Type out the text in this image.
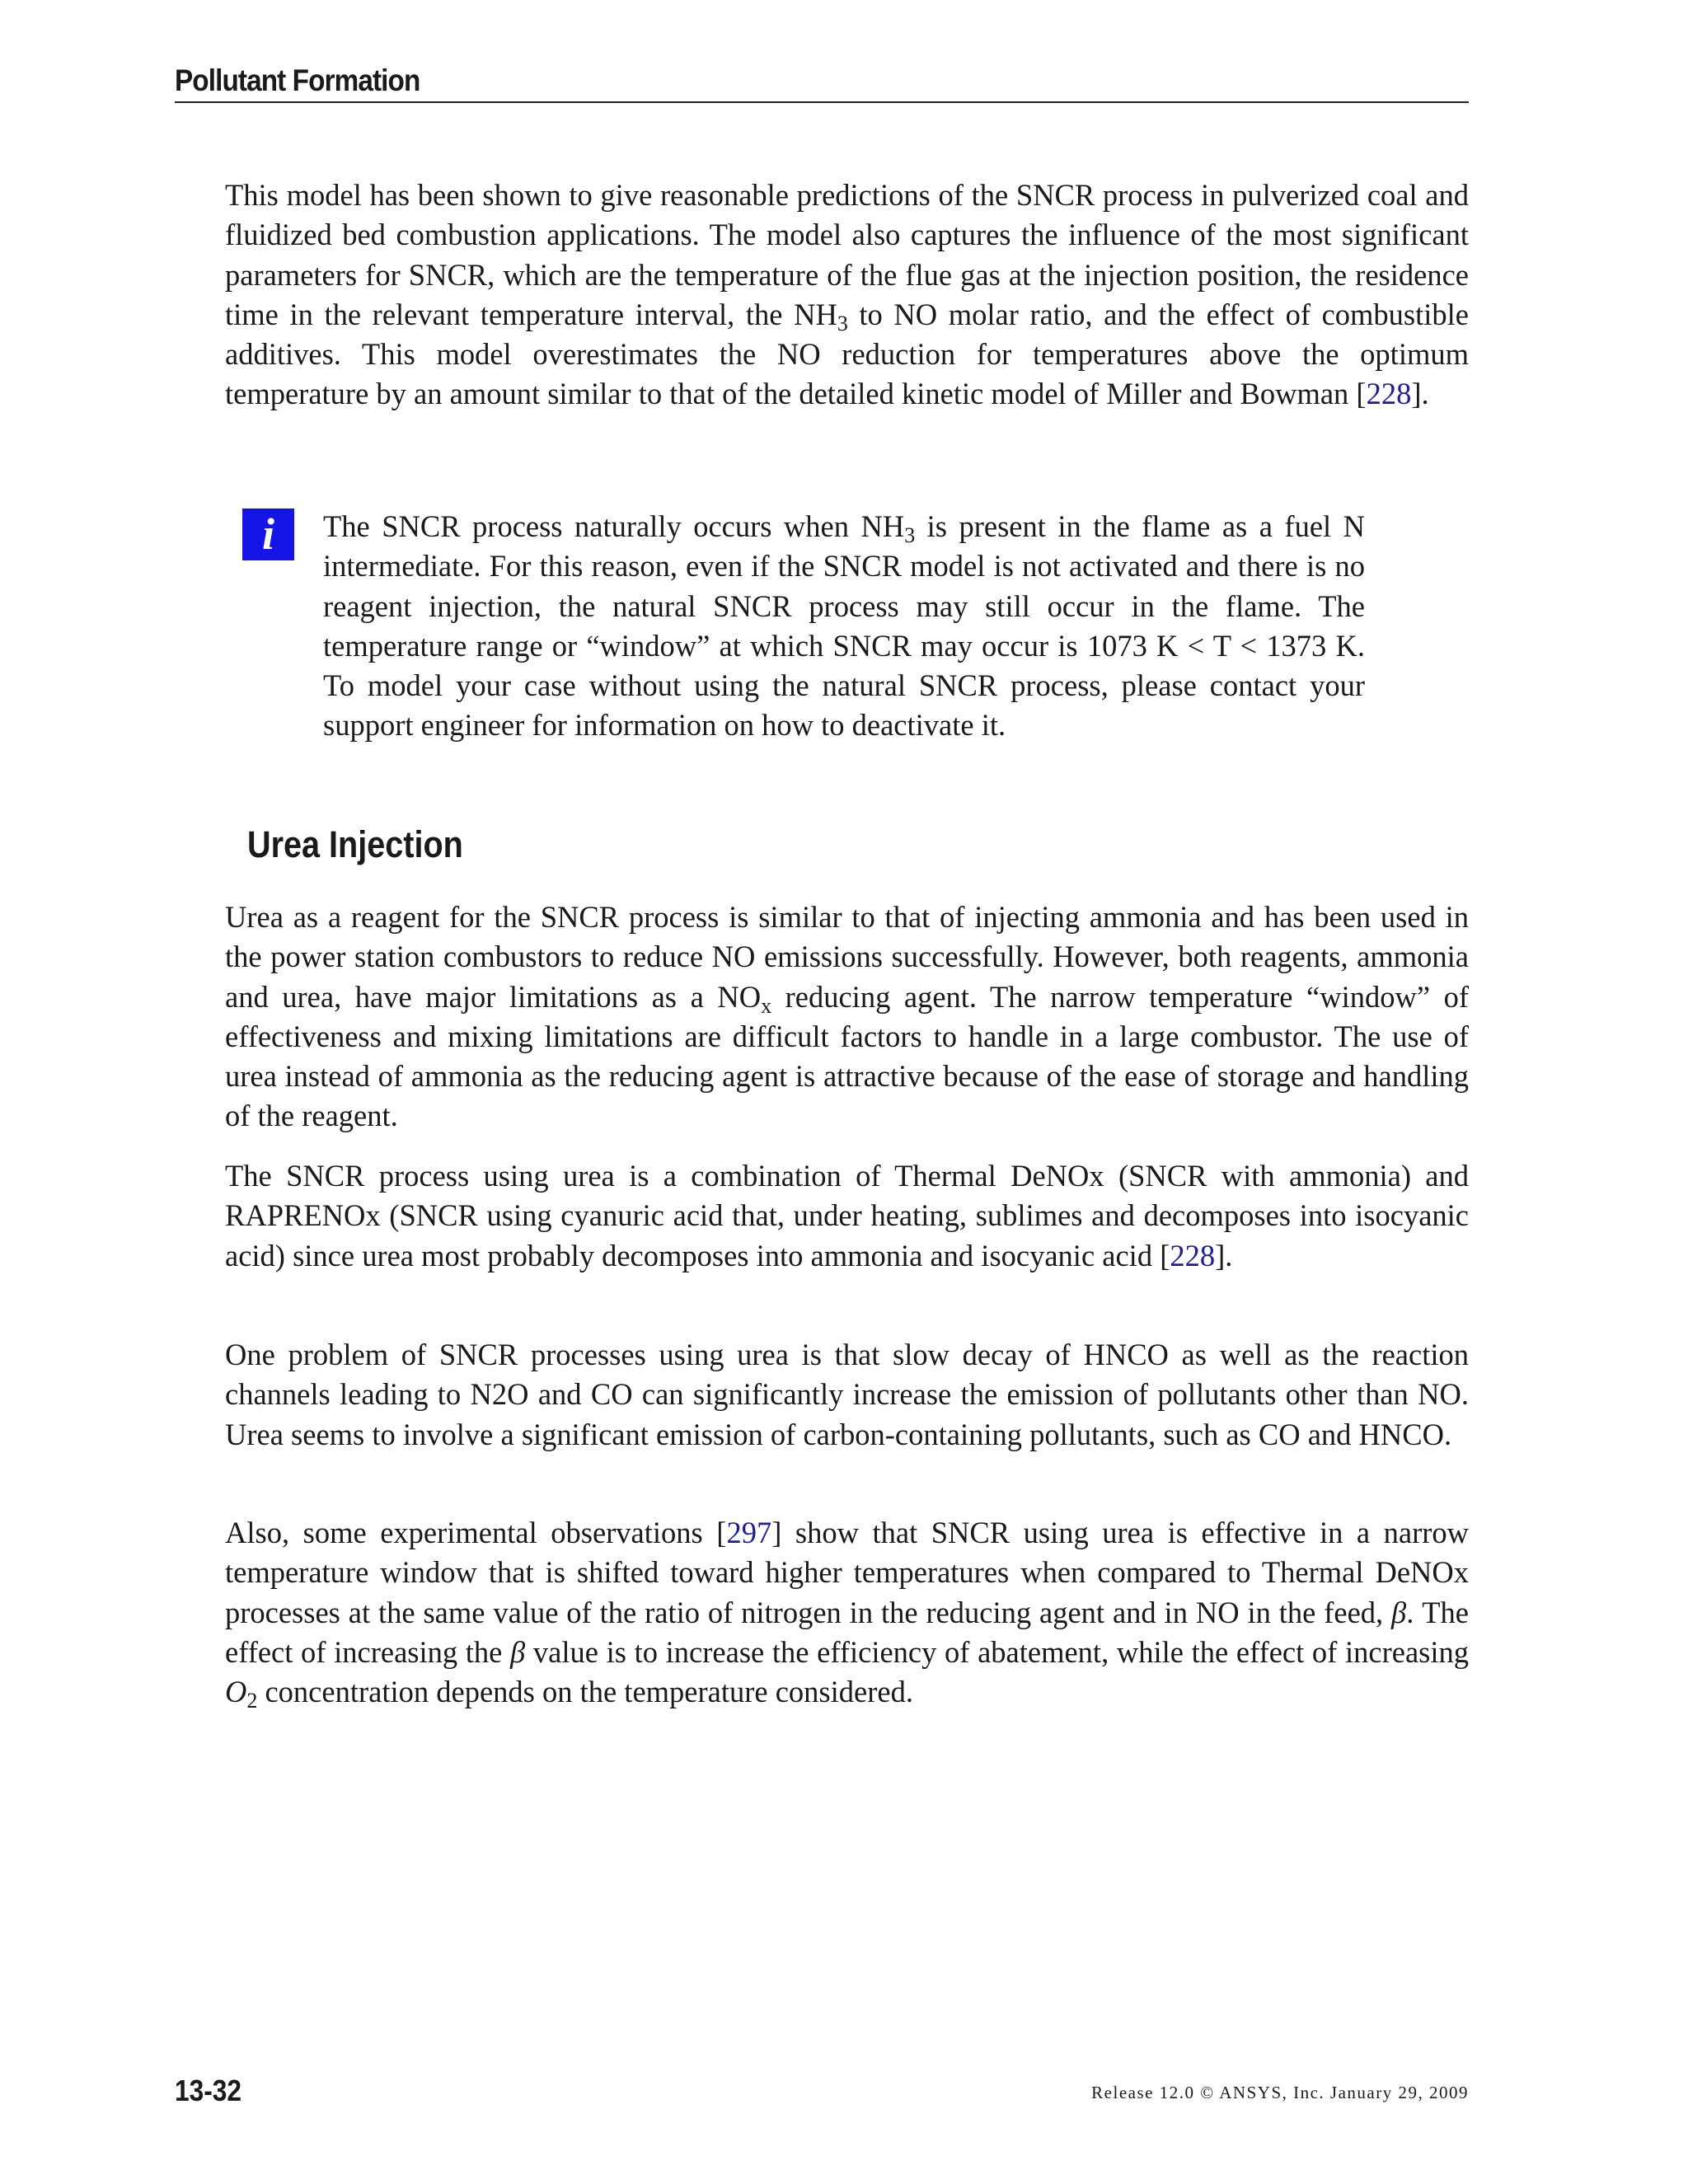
Pollutant Formation

This model has been shown to give reasonable predictions of the SNCR process in pulverized coal and fluidized bed combustion applications. The model also captures the influence of the most significant parameters for SNCR, which are the temperature of the flue gas at the injection position, the residence time in the relevant temperature interval, the $NH_3$ to NO molar ratio, and the effect of combustible additives. This model overestimates the NO reduction for temperatures above the optimum temperature by an amount similar to that of the detailed kinetic model of Miller and Bowman [228].

i	The SNCR process naturally occurs when $NH_3$ is present in the flame as a fuel N intermediate. For this reason, even if the SNCR model is not activated and there is no reagent injection, the natural SNCR process may still occur in the flame. The temperature range or “window” at which SNCR may occur is 1073 K < T < 1373 K. To model your case without using the natural SNCR process, please contact your support engineer for information on how to deactivate it.

Urea Injection

Urea as a reagent for the SNCR process is similar to that of injecting ammonia and has been used in the power station combustors to reduce NO emissions successfully. However, both reagents, ammonia and urea, have major limitations as a $NO_x$ reducing agent. The narrow temperature “window” of effectiveness and mixing limitations are difficult factors to handle in a large combustor. The use of urea instead of ammonia as the reducing agent is attractive because of the ease of storage and handling of the reagent.

The SNCR process using urea is a combination of Thermal DeNOx (SNCR with ammonia) and RAPRENOx (SNCR using cyanuric acid that, under heating, sublimes and decomposes into isocyanic acid) since urea most probably decomposes into ammonia and isocyanic acid [228].

One problem of SNCR processes using urea is that slow decay of HNCO as well as the reaction channels leading to N2O and CO can significantly increase the emission of pollutants other than NO. Urea seems to involve a significant emission of carbon-containing pollutants, such as CO and HNCO.

Also, some experimental observations [297] show that SNCR using urea is effective in a narrow temperature window that is shifted toward higher temperatures when compared to Thermal DeNOx processes at the same value of the ratio of nitrogen in the reducing agent and in NO in the feed, β. The effect of increasing the β value is to increase the efficiency of abatement, while the effect of increasing $O_2$ concentration depends on the temperature considered.

13-32	Release 12.0 © ANSYS, Inc. January 29, 2009
